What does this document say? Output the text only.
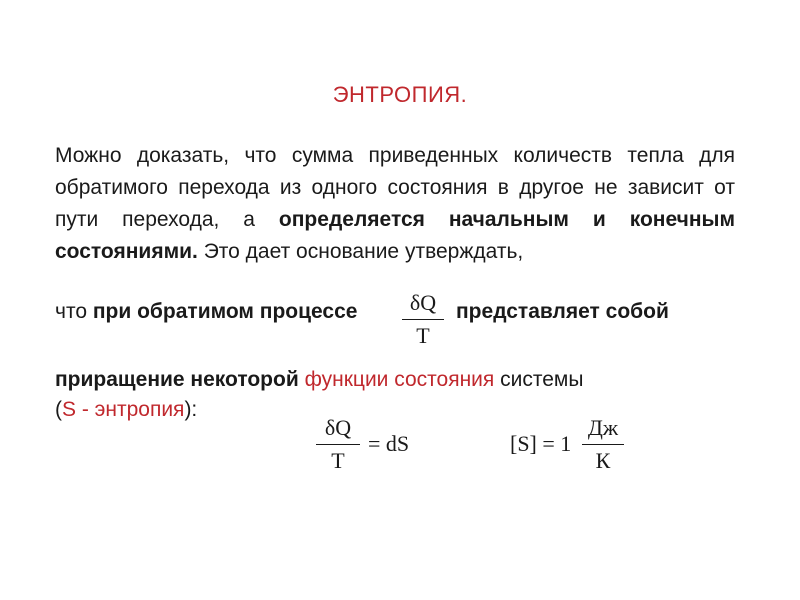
ЭНТРОПИЯ.
Можно доказать, что сумма приведенных количеств тепла для обратимого перехода из одного состояния в другое не зависит от пути перехода, а определяется начальным и конечным состояниями. Это дает основание утверждать,
что при обратимом процессе	δQ
T
представляет собой
приращение некоторой функции состояния системы
(S - энтропия):
δQ
T
= dS	[S] = 1
Дж
К
